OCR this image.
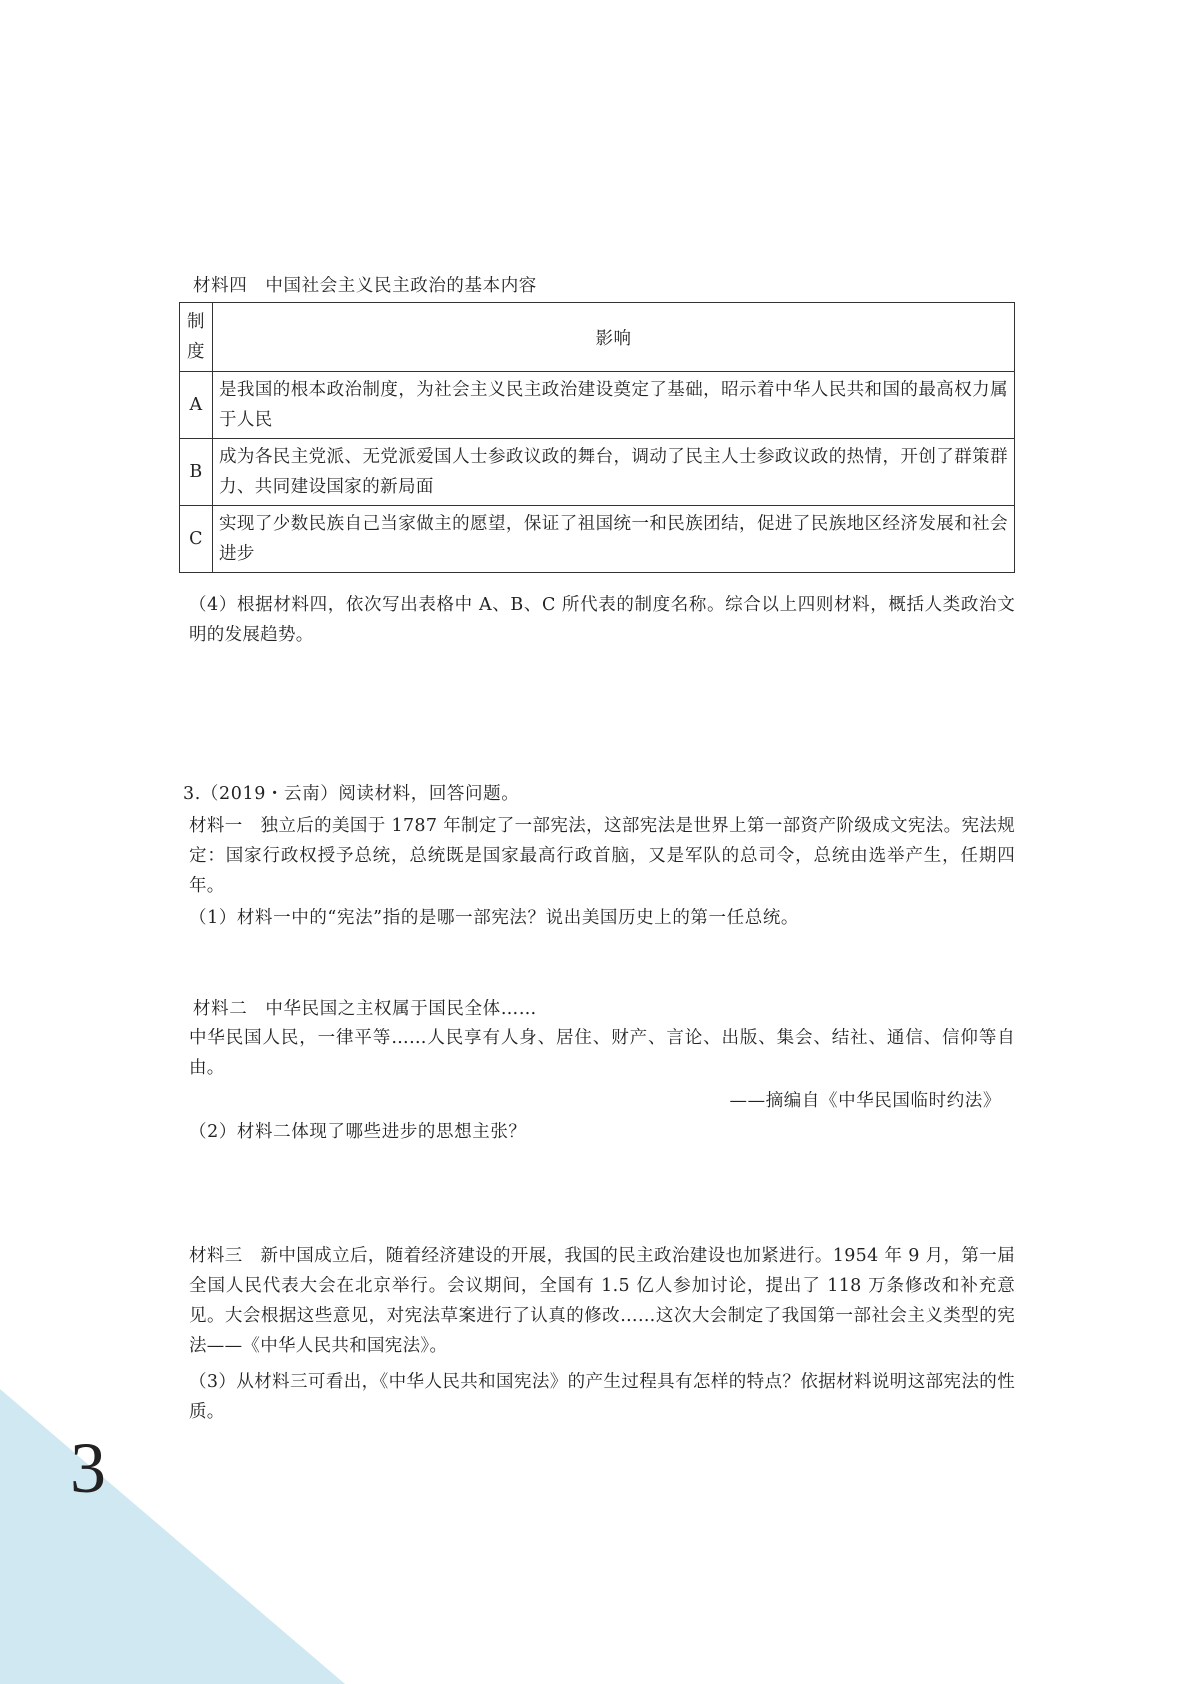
材料四　中国社会主义民主政治的基本内容
制度	影响
A	是我国的根本政治制度，为社会主义民主政治建设奠定了基础，昭示着中华人民共和国的最高权力属于人民
B	成为各民主党派、无党派爱国人士参政议政的舞台，调动了民主人士参政议政的热情，开创了群策群力、共同建设国家的新局面
C	实现了少数民族自己当家做主的愿望，保证了祖国统一和民族团结，促进了民族地区经济发展和社会进步
（4）根据材料四，依次写出表格中 A、B、C 所代表的制度名称。综合以上四则材料，概括人类政治文明的发展趋势。
3.（2019・云南）阅读材料，回答问题。
材料一　独立后的美国于 1787 年制定了一部宪法，这部宪法是世界上第一部资产阶级成文宪法。宪法规定：国家行政权授予总统，总统既是国家最高行政首脑，又是军队的总司令，总统由选举产生，任期四年。
（1）材料一中的“宪法”指的是哪一部宪法？说出美国历史上的第一任总统。
材料二　中华民国之主权属于国民全体……
中华民国人民，一律平等……人民享有人身、居住、财产、言论、出版、集会、结社、通信、信仰等自由。
——摘编自《中华民国临时约法》
（2）材料二体现了哪些进步的思想主张？
材料三　新中国成立后，随着经济建设的开展，我国的民主政治建设也加紧进行。1954 年 9 月，第一届全国人民代表大会在北京举行。会议期间，全国有 1.5 亿人参加讨论，提出了 118 万条修改和补充意见。大会根据这些意见，对宪法草案进行了认真的修改……这次大会制定了我国第一部社会主义类型的宪法——《中华人民共和国宪法》。
（3）从材料三可看出，《中华人民共和国宪法》的产生过程具有怎样的特点？依据材料说明这部宪法的性质。
3
